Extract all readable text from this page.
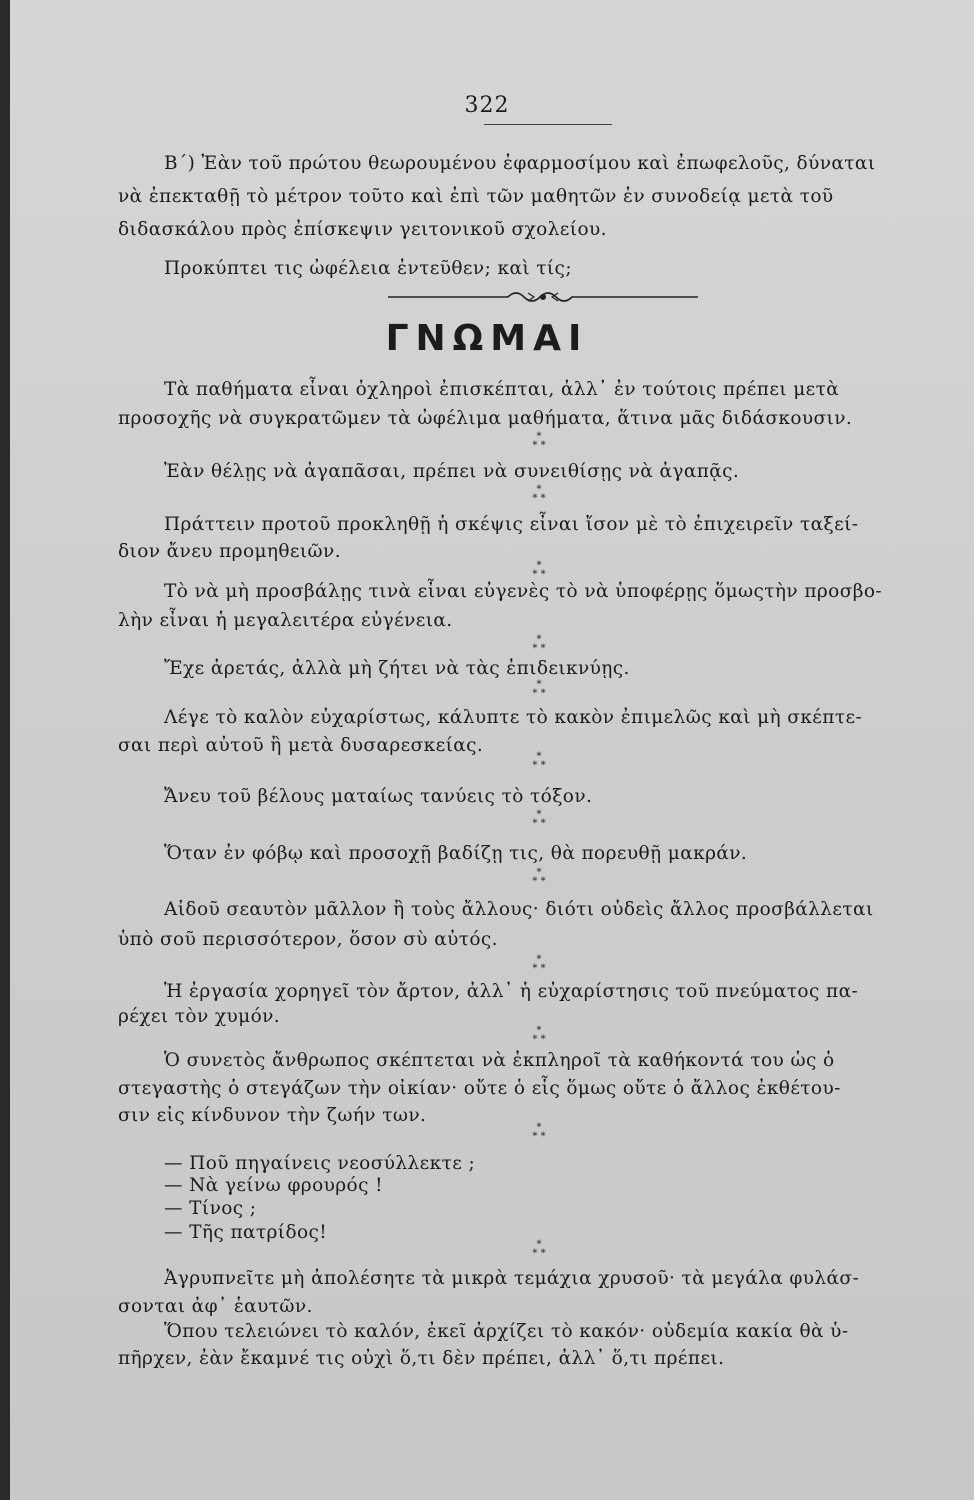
322
Β΄) Ἐὰν τοῦ πρώτου θεωρουμένου ἐφαρμοσίμου καὶ ἐπωφελοῦς, δύναται
νὰ ἐπεκταθῇ τὸ μέτρον τοῦτο καὶ ἐπὶ τῶν μαθητῶν ἐν συνοδείᾳ μετὰ τοῦ
διδασκάλου πρὸς ἐπίσκεψιν γειτονικοῦ σχολείου.
Προκύπτει τις ὠφέλεια ἐντεῦθεν; καὶ τίς;
ΓΝΩΜΑΙ
Τὰ παθήματα εἶναι ὀχληροὶ ἐπισκέπται, ἀλλ᾿ ἐν τούτοις πρέπει μετὰ
προσοχῆς νὰ συγκρατῶμεν τὰ ὠφέλιμα μαθήματα, ἅτινα μᾶς διδάσκουσιν.
*
* *
Ἐὰν θέλῃς νὰ ἀγαπᾶσαι, πρέπει νὰ συνειθίσῃς νὰ ἀγαπᾷς.
*
* *
Πράττειν προτοῦ προκληθῇ ἡ σκέψις εἶναι ἴσον μὲ τὸ ἐπιχειρεῖν ταξεί-
διον ἄνευ προμηθειῶν.
*
* *
Τὸ νὰ μὴ προσβάλῃς τινὰ εἶναι εὐγενὲς τὸ νὰ ὑποφέρῃς ὅμωςτὴν προσβο-
λὴν εἶναι ἡ μεγαλειτέρα εὐγένεια.
*
* *
Ἔχε ἀρετάς, ἀλλὰ μὴ ζήτει νὰ τὰς ἐπιδεικνύῃς.
*
* *
Λέγε τὸ καλὸν εὐχαρίστως, κάλυπτε τὸ κακὸν ἐπιμελῶς καὶ μὴ σκέπτε-
σαι περὶ αὐτοῦ ἢ μετὰ δυσαρεσκείας.
*
* *
Ἄνευ τοῦ βέλους ματαίως τανύεις τὸ τόξον.
*
* *
Ὅταν ἐν φόβῳ καὶ προσοχῇ βαδίζῃ τις, θὰ πορευθῇ μακράν.
*
* *
Αἰδοῦ σεαυτὸν μᾶλλον ἢ τοὺς ἄλλους· διότι οὐδεὶς ἄλλος προσβάλλεται
ὑπὸ σοῦ περισσότερον, ὅσον σὺ αὐτός.
*
* *
Ἡ ἐργασία χορηγεῖ τὸν ἄρτον, ἀλλ᾿ ἡ εὐχαρίστησις τοῦ πνεύματος πα-
ρέχει τὸν χυμόν.
*
* *
Ὁ συνετὸς ἄνθρωπος σκέπτεται νὰ ἐκπληροῖ τὰ καθήκοντά του ὡς ὁ
στεγαστὴς ὁ στεγάζων τὴν οἰκίαν· οὔτε ὁ εἷς ὅμως οὔτε ὁ ἄλλος ἐκθέτου-
σιν εἰς κίνδυνον τὴν ζωήν των.
*
* *
— Ποῦ πηγαίνεις νεοσύλλεκτε ;
— Νὰ γείνω φρουρός !
— Τίνος ;
— Τῆς πατρίδος!
*
* *
Ἀγρυπνεῖτε μὴ ἀπολέσητε τὰ μικρὰ τεμάχια χρυσοῦ· τὰ μεγάλα φυλάσ-
σονται ἀφ᾿ ἑαυτῶν.
Ὅπου τελειώνει τὸ καλόν, ἐκεῖ ἀρχίζει τὸ κακόν· οὐδεμία κακία θὰ ὑ-
πῆρχεν, ἐὰν ἔκαμνέ τις οὐχὶ ὅ,τι δὲν πρέπει, ἀλλ᾿ ὅ,τι πρέπει.
